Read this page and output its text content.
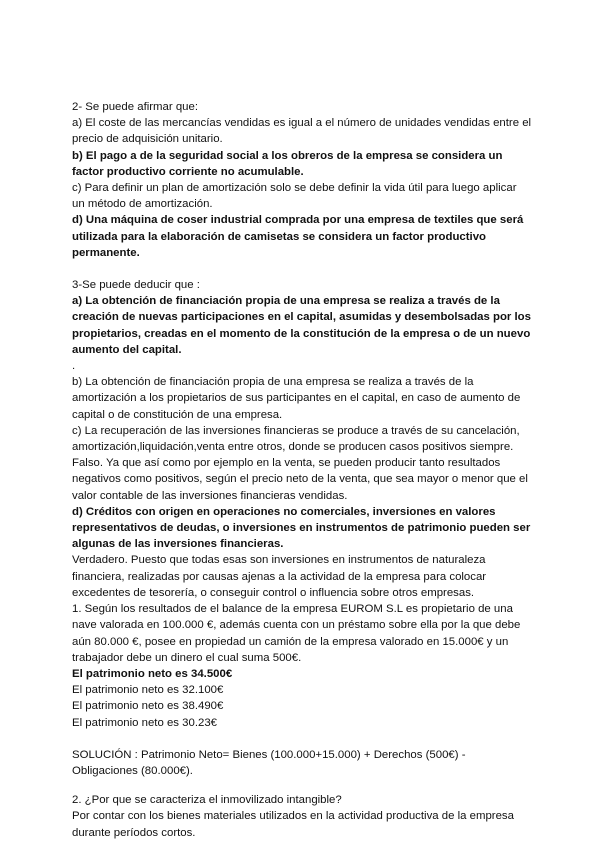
2- Se puede afirmar que:

a) El coste de las mercancías vendidas es igual a el número de unidades vendidas entre el precio de adquisición unitario.

b) El pago a de la seguridad social a los obreros de la empresa se considera un factor productivo corriente no acumulable.

c) Para definir un plan de amortización solo se debe definir la vida útil para luego aplicar un método de amortización.

d) Una máquina de coser industrial comprada por una empresa de textiles que será utilizada para la elaboración de camisetas se considera un factor productivo permanente.

3-Se puede deducir que :

a) La obtención de financiación propia de una empresa se realiza a través de la creación de nuevas participaciones en el capital, asumidas y desembolsadas por los propietarios, creadas en el momento de la constitución de la empresa o de un nuevo aumento del capital.

.

b) La obtención de financiación propia de una empresa se realiza a través de la amortización a los propietarios de sus participantes en el capital, en caso de aumento de capital o de constitución de una empresa.

c) La recuperación de las inversiones financieras se produce a través de su cancelación, amortización,liquidación,venta entre otros, donde se producen casos positivos siempre.

Falso. Ya que así como por ejemplo en la venta, se pueden producir tanto resultados negativos como positivos, según el precio neto de la venta, que sea mayor o menor que el valor contable de las inversiones financieras vendidas.

d) Créditos con origen en operaciones no comerciales, inversiones en valores representativos de deudas, o inversiones en instrumentos de patrimonio pueden ser algunas de las inversiones financieras.

Verdadero. Puesto que todas esas son inversiones en instrumentos de naturaleza financiera, realizadas por causas ajenas a la actividad de la empresa para colocar excedentes de tesorería, o conseguir control o influencia sobre otros empresas.

1. Según los resultados de el balance de la empresa EUROM S.L es propietario de una nave valorada en 100.000 €, además cuenta con un préstamo sobre ella por la que debe aún 80.000 €, posee en propiedad un camión de la empresa valorado en 15.000€ y un trabajador debe un dinero el cual suma 500€.

El patrimonio neto es 34.500€

El patrimonio neto es 32.100€

El patrimonio neto es 38.490€

El patrimonio neto es 30.23€

SOLUCIÓN : Patrimonio Neto= Bienes (100.000+15.000) + Derechos (500€) - Obligaciones (80.000€).

2. ¿Por que se caracteriza el inmovilizado intangible?

Por contar con los bienes materiales utilizados en la actividad productiva de la empresa durante períodos cortos.
